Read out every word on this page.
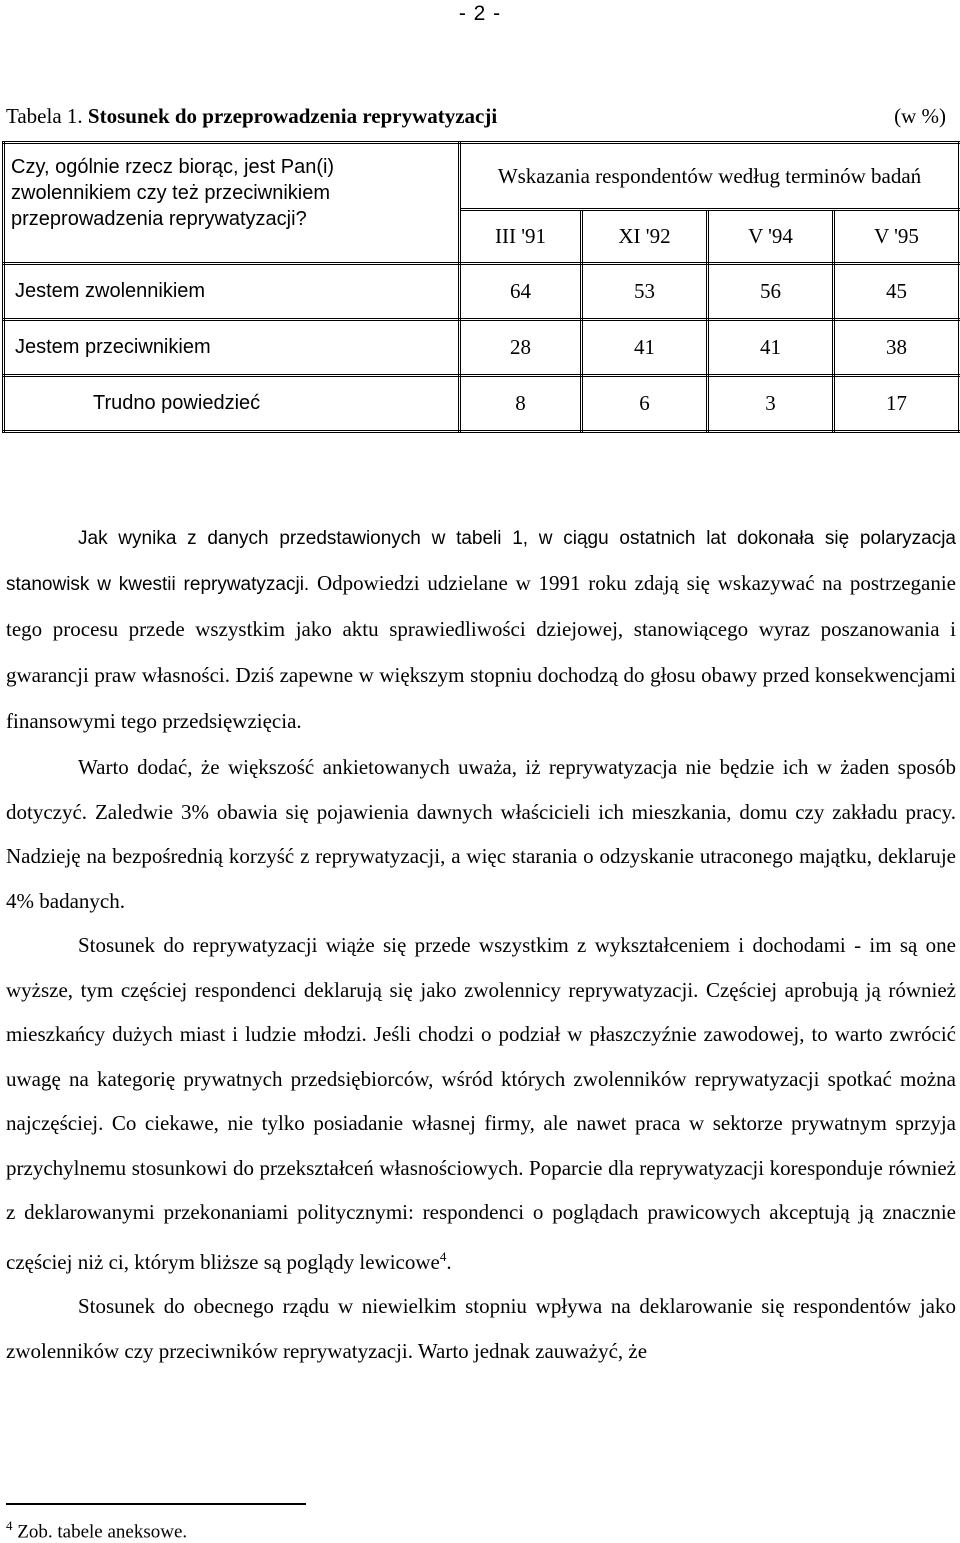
- 2 -
Tabela 1. Stosunek do przeprowadzenia reprywatyzacji	(w %)
Czy, ogólnie rzecz biorąc, jest Pan(i) zwolennikiem czy też przeciwnikiem przeprowadzenia reprywatyzacji?	Wskazania respondentów według terminów badań			
	III '91	XI '92	V '94	V '95
Jestem zwolennikiem	64	53	56	45
Jestem przeciwnikiem	28	41	41	38
Trudno powiedzieć	8	6	3	17

Jak wynika z danych przedstawionych w tabeli 1, w ciągu ostatnich lat dokonała się polaryzacja stanowisk w kwestii reprywatyzacji. Odpowiedzi udzielane w 1991 roku zdają się wskazywać na postrzeganie tego procesu przede wszystkim jako aktu sprawiedliwości dziejowej, stanowiącego wyraz poszanowania i gwarancji praw własności. Dziś zapewne w większym stopniu dochodzą do głosu obawy przed konsekwencjami finansowymi tego przedsięwzięcia.

Warto dodać, że większość ankietowanych uważa, iż reprywatyzacja nie będzie ich w żaden sposób dotyczyć. Zaledwie 3% obawia się pojawienia dawnych właścicieli ich mieszkania, domu czy zakładu pracy. Nadzieję na bezpośrednią korzyść z reprywatyzacji, a więc starania o odzyskanie utraconego majątku, deklaruje 4% badanych.

Stosunek do reprywatyzacji wiąże się przede wszystkim z wykształceniem i dochodami - im są one wyższe, tym częściej respondenci deklarują się jako zwolennicy reprywatyzacji. Częściej aprobują ją również mieszkańcy dużych miast i ludzie młodzi. Jeśli chodzi o podział w płaszczyźnie zawodowej, to warto zwrócić uwagę na kategorię prywatnych przedsiębiorców, wśród których zwolenników reprywatyzacji spotkać można najczęściej. Co ciekawe, nie tylko posiadanie własnej firmy, ale nawet praca w sektorze prywatnym sprzyja przychylnemu stosunkowi do przekształceń własnościowych. Poparcie dla reprywatyzacji koresponduje również z deklarowanymi przekonaniami politycznymi: respondenci o poglądach prawicowych akceptują ją znacznie częściej niż ci, którym bliższe są poglądy lewicowe$^4$.

Stosunek do obecnego rządu w niewielkim stopniu wpływa na deklarowanie się respondentów jako zwolenników czy przeciwników reprywatyzacji. Warto jednak zauważyć, że

$^4$ Zob. tabele aneksowe.
